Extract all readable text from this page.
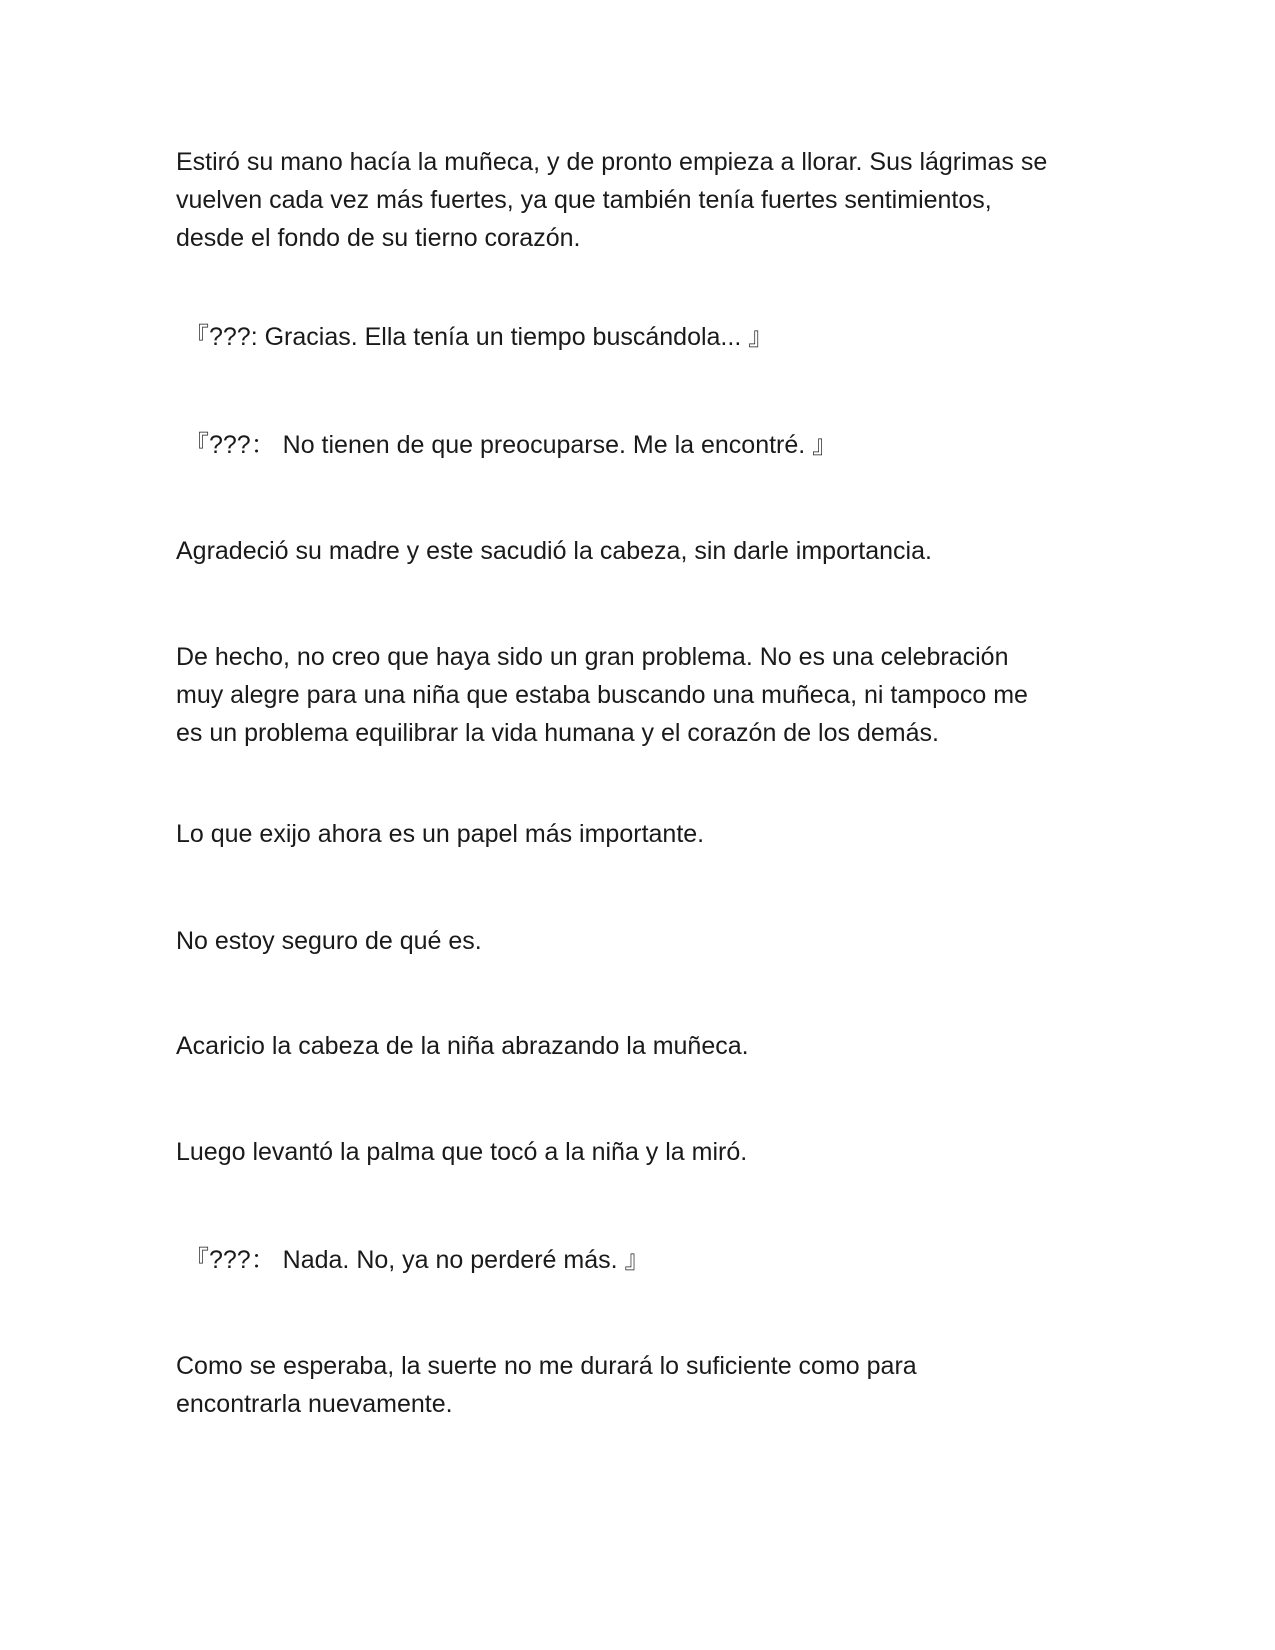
Estiró su mano hacía la muñeca, y de pronto empieza a llorar. Sus lágrimas se
vuelven cada vez más fuertes, ya que también tenía fuertes sentimientos,
desde el fondo de su tierno corazón.

『???: Gracias. Ella tenía un tiempo buscándola... 』

『???： No tienen de que preocuparse. Me la encontré. 』

Agradeció su madre y este sacudió la cabeza, sin darle importancia.

De hecho, no creo que haya sido un gran problema. No es una celebración
muy alegre para una niña que estaba buscando una muñeca, ni tampoco me
es un problema equilibrar la vida humana y el corazón de los demás.

Lo que exijo ahora es un papel más importante.

No estoy seguro de qué es.

Acaricio la cabeza de la niña abrazando la muñeca.

Luego levantó la palma que tocó a la niña y la miró.

『???： Nada. No, ya no perderé más. 』

Como se esperaba, la suerte no me durará lo suficiente como para
encontrarla nuevamente.
